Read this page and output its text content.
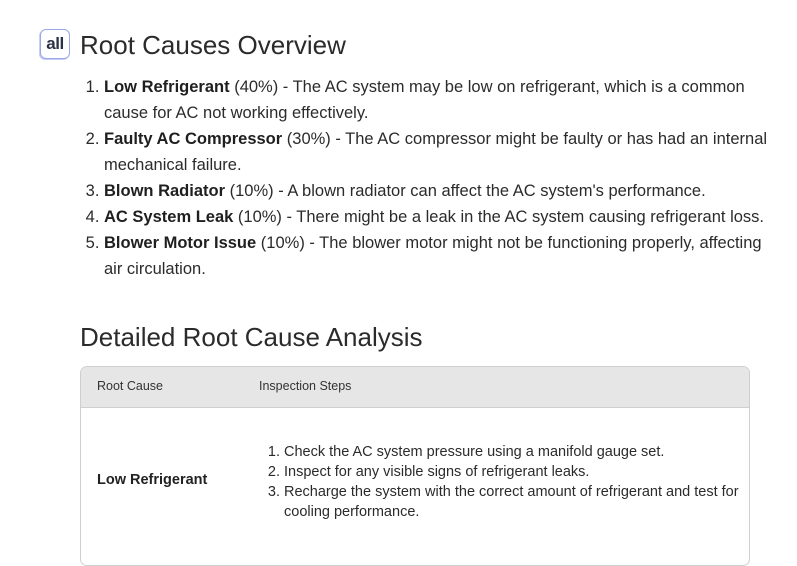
all Root Causes Overview
1. Low Refrigerant (40%) - The AC system may be low on refrigerant, which is a common cause for AC not working effectively.
2. Faulty AC Compressor (30%) - The AC compressor might be faulty or has had an internal mechanical failure.
3. Blown Radiator (10%) - A blown radiator can affect the AC system's performance.
4. AC System Leak (10%) - There might be a leak in the AC system causing refrigerant loss.
5. Blower Motor Issue (10%) - The blower motor might not be functioning properly, affecting air circulation.
Detailed Root Cause Analysis
Root Cause	Inspection Steps
Low Refrigerant
1. Check the AC system pressure using a manifold gauge set.
2. Inspect for any visible signs of refrigerant leaks.
3. Recharge the system with the correct amount of refrigerant and test for cooling performance.
